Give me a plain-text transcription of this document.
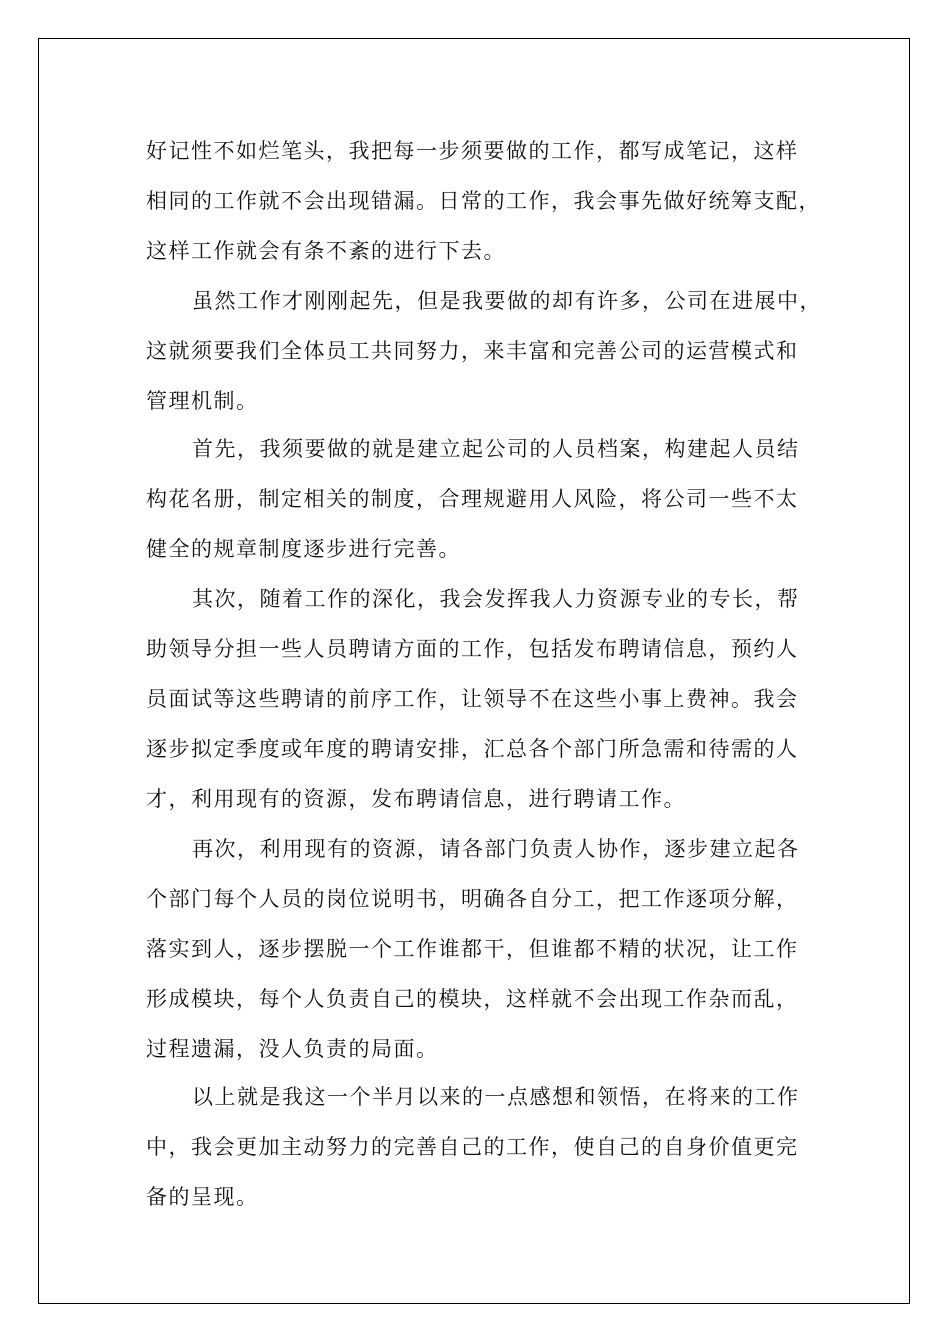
好记性不如烂笔头，我把每一步须要做的工作，都写成笔记，这样
相同的工作就不会出现错漏。日常的工作，我会事先做好统筹支配，
这样工作就会有条不紊的进行下去。
虽然工作才刚刚起先，但是我要做的却有许多，公司在进展中，
这就须要我们全体员工共同努力，来丰富和完善公司的运营模式和
管理机制。
首先，我须要做的就是建立起公司的人员档案，构建起人员结
构花名册，制定相关的制度，合理规避用人风险，将公司一些不太
健全的规章制度逐步进行完善。
其次，随着工作的深化，我会发挥我人力资源专业的专长，帮
助领导分担一些人员聘请方面的工作，包括发布聘请信息，预约人
员面试等这些聘请的前序工作，让领导不在这些小事上费神。我会
逐步拟定季度或年度的聘请安排，汇总各个部门所急需和待需的人
才，利用现有的资源，发布聘请信息，进行聘请工作。
再次，利用现有的资源，请各部门负责人协作，逐步建立起各
个部门每个人员的岗位说明书，明确各自分工，把工作逐项分解，
落实到人，逐步摆脱一个工作谁都干，但谁都不精的状况，让工作
形成模块，每个人负责自己的模块，这样就不会出现工作杂而乱，
过程遗漏，没人负责的局面。
以上就是我这一个半月以来的一点感想和领悟，在将来的工作
中，我会更加主动努力的完善自己的工作，使自己的自身价值更完
备的呈现。
